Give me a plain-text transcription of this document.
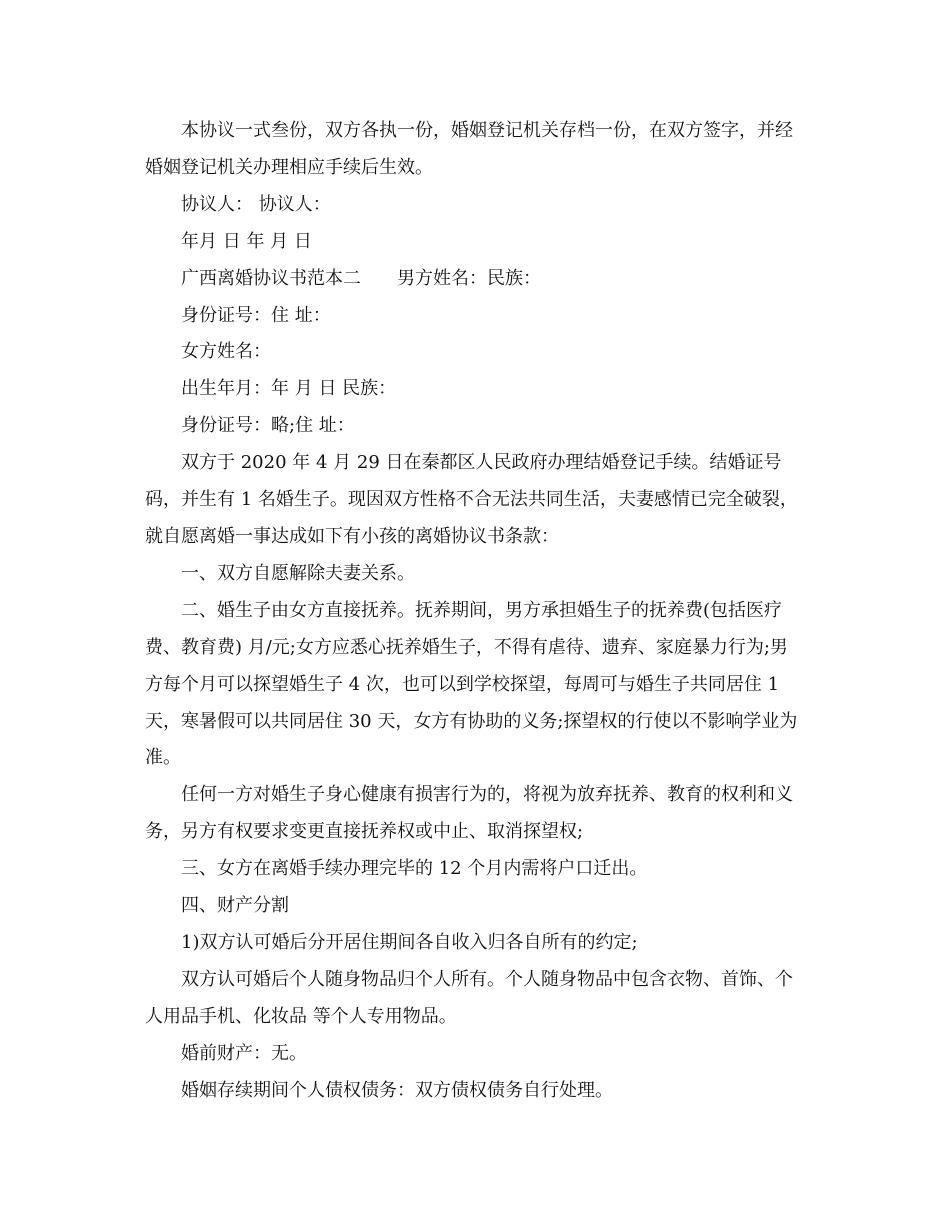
本协议一式叁份，双方各执一份，婚姻登记机关存档一份，在双方签字，并经婚姻登记机关办理相应手续后生效。

协议人： 协议人：

年月 日 年 月 日

广西离婚协议书范本二　　男方姓名：民族：

身份证号：住 址：

女方姓名：

出生年月：年 月 日 民族：

身份证号：略;住 址：

双方于 2020 年 4 月 29 日在秦都区人民政府办理结婚登记手续。结婚证号码，并生有 1 名婚生子。现因双方性格不合无法共同生活，夫妻感情已完全破裂，就自愿离婚一事达成如下有小孩的离婚协议书条款：

一、双方自愿解除夫妻关系。

二、婚生子由女方直接抚养。抚养期间，男方承担婚生子的抚养费(包括医疗费、教育费) 月/元;女方应悉心抚养婚生子，不得有虐待、遗弃、家庭暴力行为;男方每个月可以探望婚生子 4 次，也可以到学校探望，每周可与婚生子共同居住 1 天，寒暑假可以共同居住 30 天，女方有协助的义务;探望权的行使以不影响学业为准。

任何一方对婚生子身心健康有损害行为的，将视为放弃抚养、教育的权利和义务，另方有权要求变更直接抚养权或中止、取消探望权;

三、女方在离婚手续办理完毕的 12 个月内需将户口迁出。

四、财产分割

1)双方认可婚后分开居住期间各自收入归各自所有的约定;

双方认可婚后个人随身物品归个人所有。个人随身物品中包含衣物、首饰、个人用品手机、化妆品 等个人专用物品。

婚前财产：无。

婚姻存续期间个人债权债务：双方债权债务自行处理。
